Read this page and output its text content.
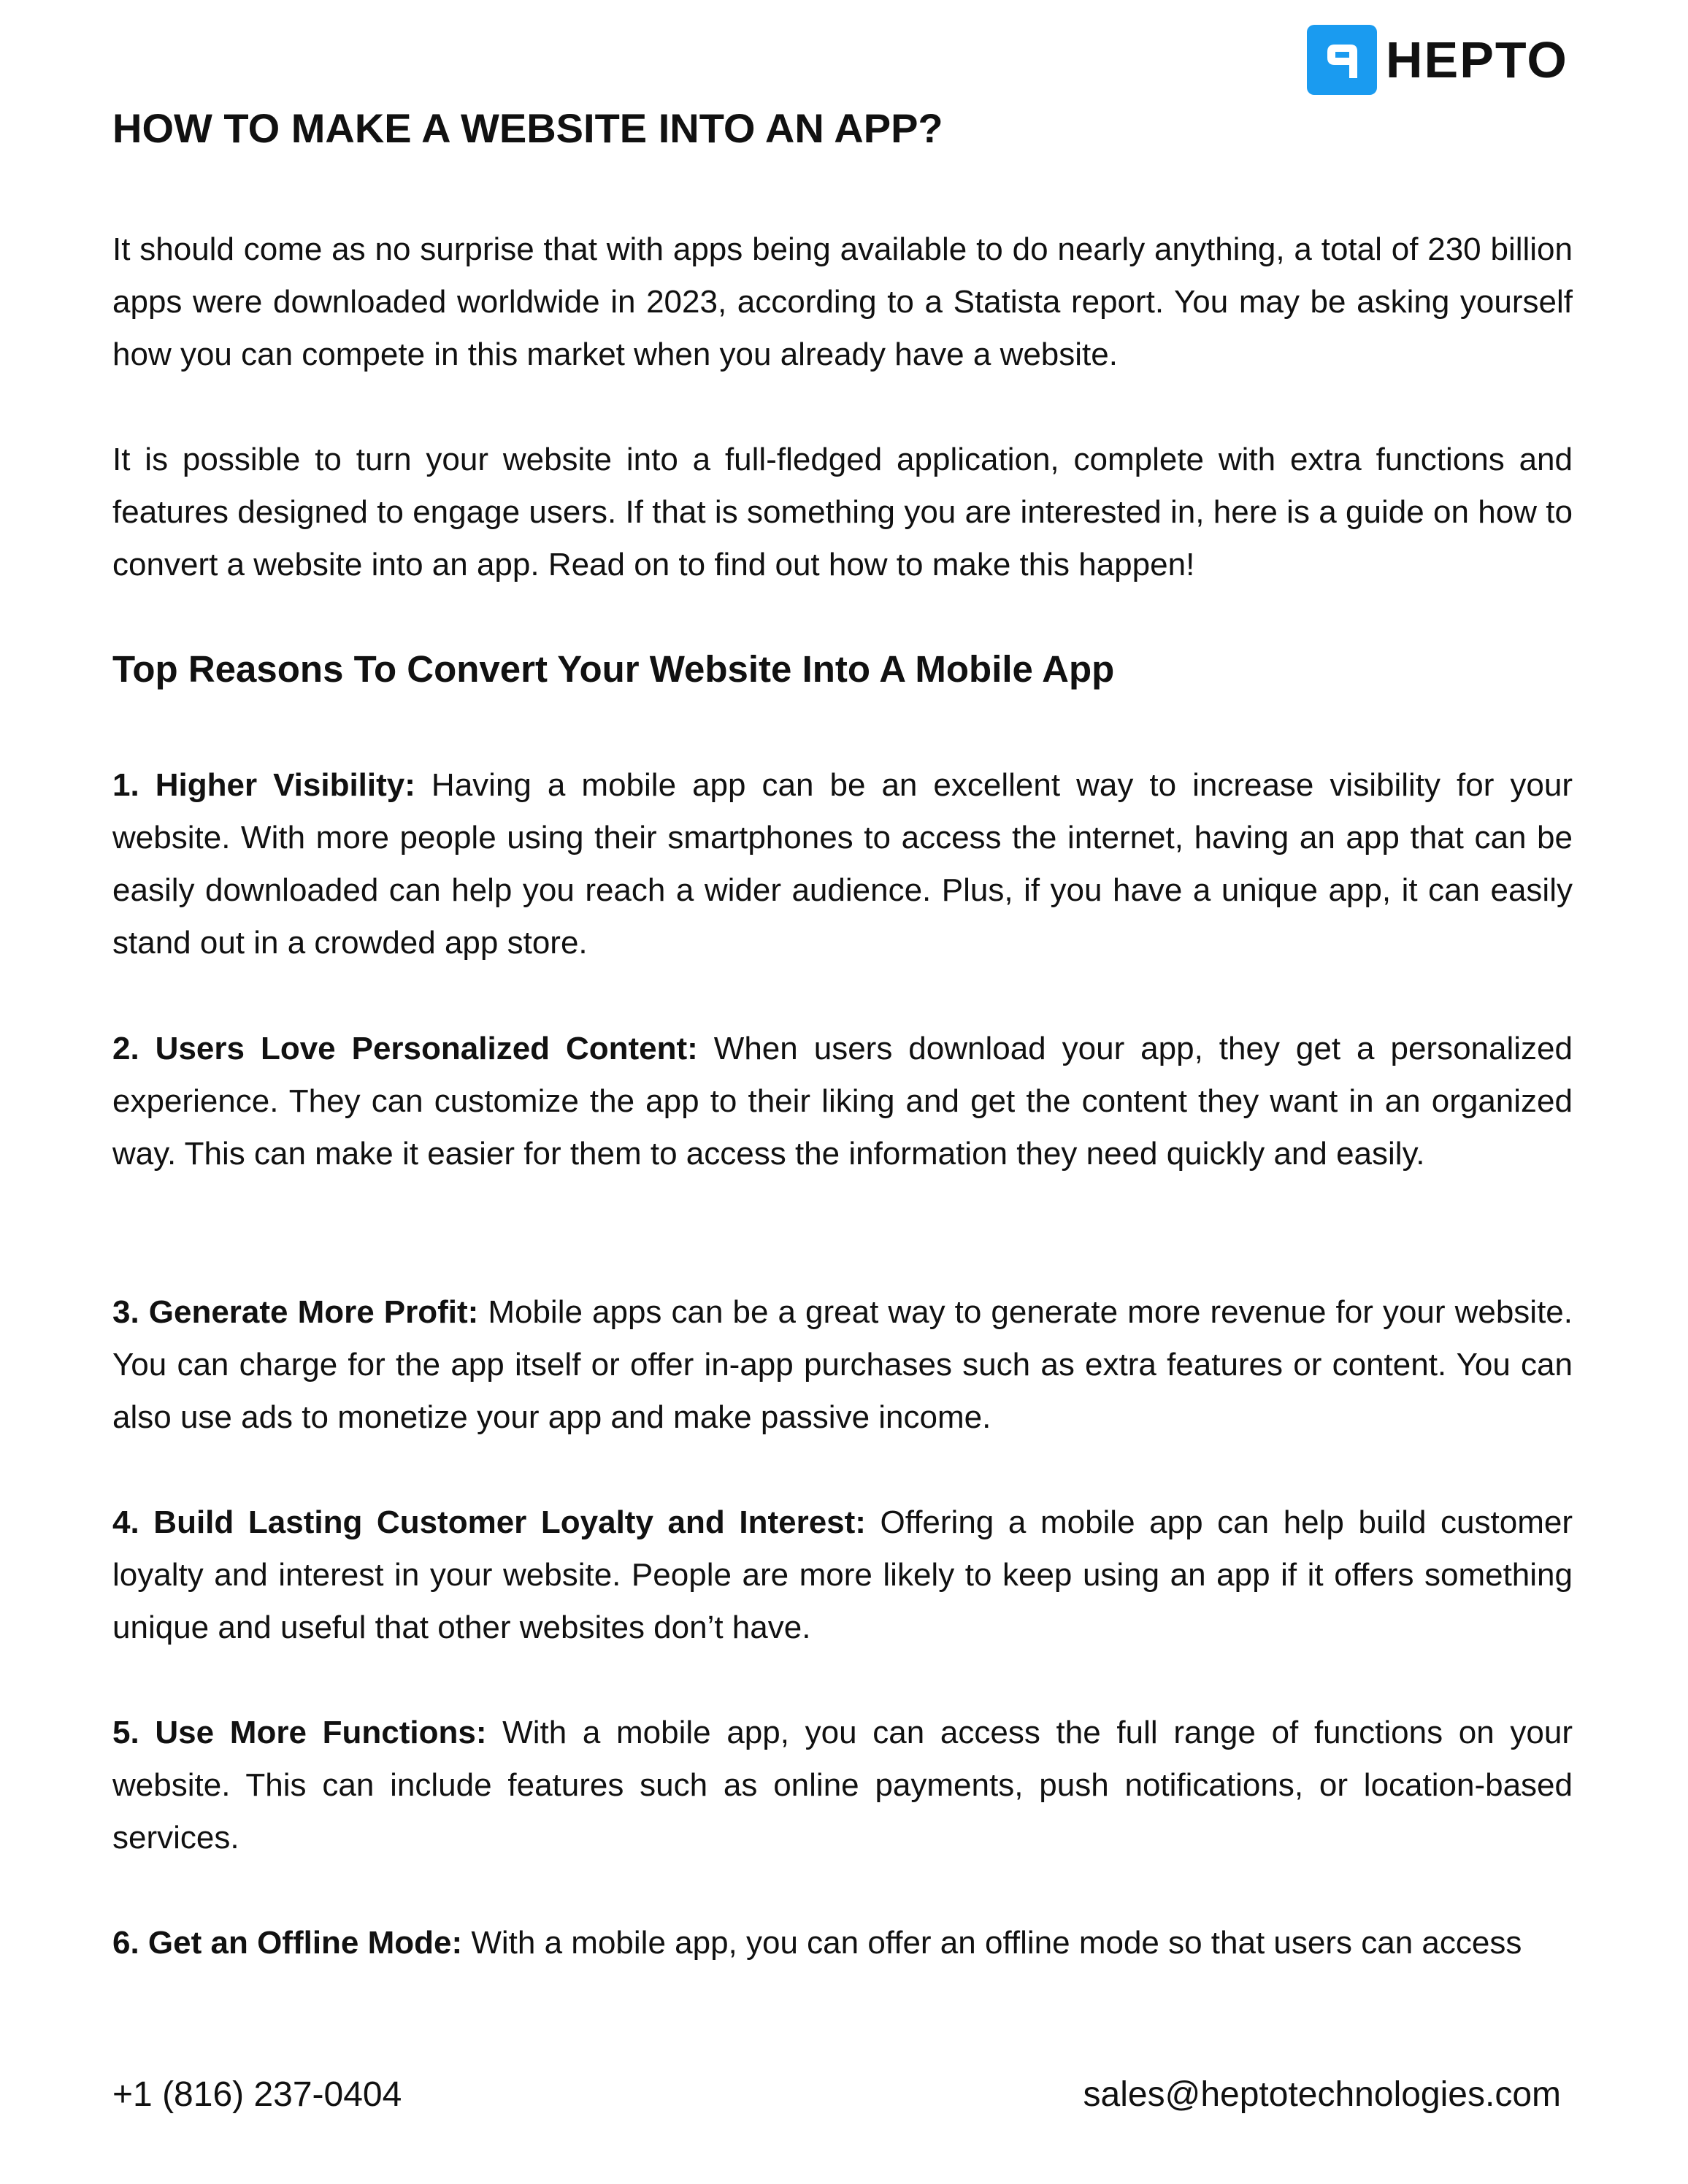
HEPTO
HOW TO MAKE A WEBSITE INTO AN APP?

It should come as no surprise that with apps being available to do nearly anything, a total of 230 billion apps were downloaded worldwide in 2023, according to a Statista report. You may be asking yourself how you can compete in this market when you already have a website.

It is possible to turn your website into a full-fledged application, complete with extra functions and features designed to engage users. If that is something you are interested in, here is a guide on how to convert a website into an app. Read on to find out how to make this happen!

Top Reasons To Convert Your Website Into A Mobile App

1. Higher Visibility: Having a mobile app can be an excellent way to increase visibility for your website. With more people using their smartphones to access the internet, having an app that can be easily downloaded can help you reach a wider audience. Plus, if you have a unique app, it can easily stand out in a crowded app store.

2. Users Love Personalized Content: When users download your app, they get a personalized experience. They can customize the app to their liking and get the content they want in an organized way. This can make it easier for them to access the information they need quickly and easily.

3. Generate More Profit: Mobile apps can be a great way to generate more revenue for your website. You can charge for the app itself or offer in-app purchases such as extra features or content. You can also use ads to monetize your app and make passive income.

4. Build Lasting Customer Loyalty and Interest: Offering a mobile app can help build customer loyalty and interest in your website. People are more likely to keep using an app if it offers something unique and useful that other websites don’t have.

5. Use More Functions: With a mobile app, you can access the full range of functions on your website. This can include features such as online payments, push notifications, or location-based services.

6. Get an Offline Mode: With a mobile app, you can offer an offline mode so that users can access

+1 (816) 237-0404	sales@heptotechnologies.com
